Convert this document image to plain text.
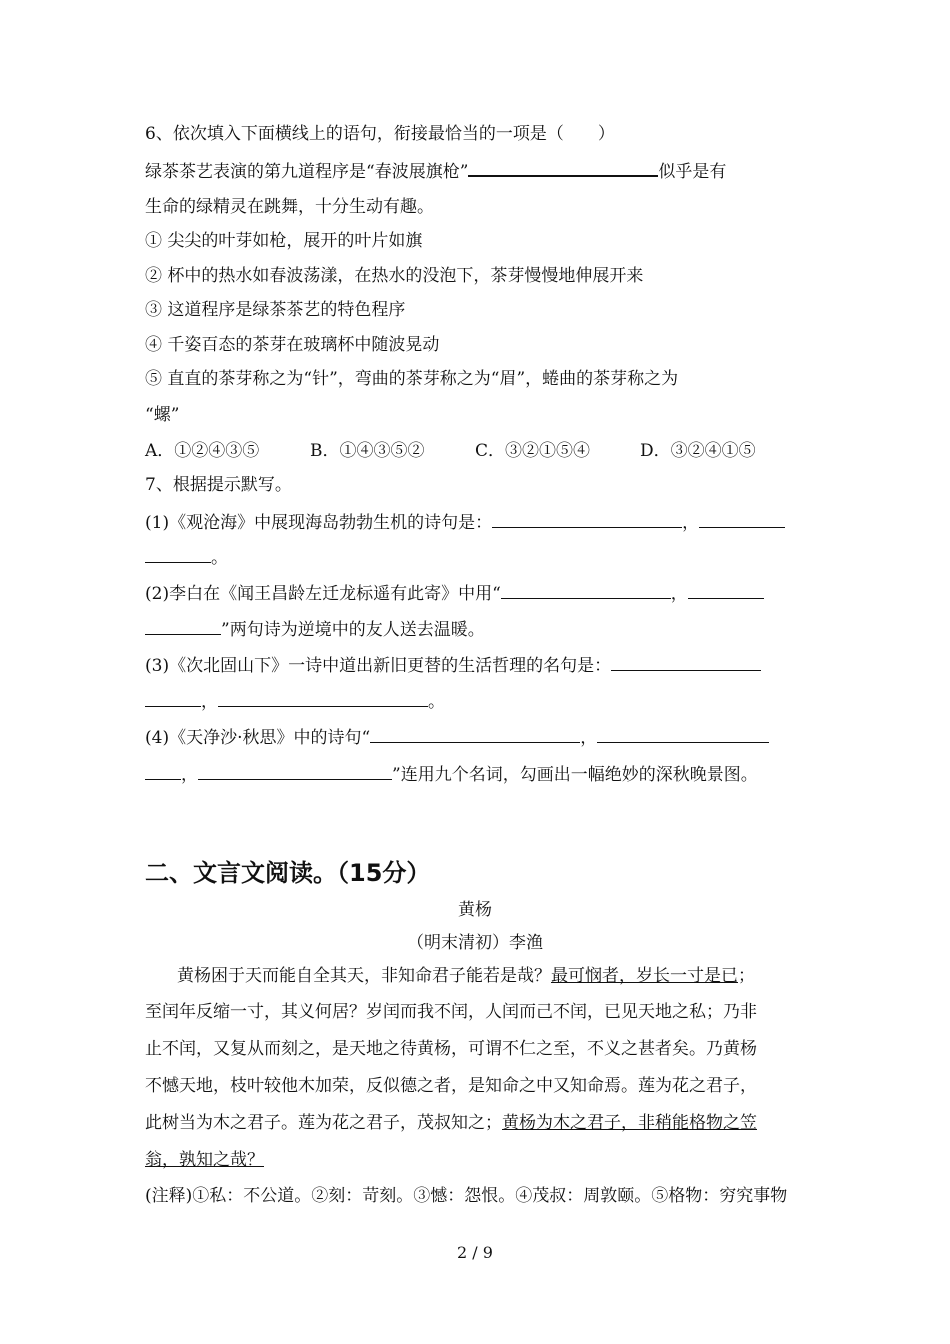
6、依次填入下面横线上的语句，衔接最恰当的一项是（　　）
绿茶茶艺表演的第九道程序是“春波展旗枪”	似乎是有
生命的绿精灵在跳舞，十分生动有趣。
① 尖尖的叶芽如枪，展开的叶片如旗
② 杯中的热水如春波荡漾，在热水的没泡下，茶芽慢慢地伸展开来
③ 这道程序是绿茶茶艺的特色程序
④ 千姿百态的茶芽在玻璃杯中随波晃动
⑤ 直直的茶芽称之为“针”，弯曲的茶芽称之为“眉”，蜷曲的茶芽称之为
“螺”
A．①②④③⑤	B．①④③⑤②	C．③②①⑤④	D．③②④①⑤
7、根据提示默写。
(1)《观沧海》中展现海岛勃勃生机的诗句是：	，
。
(2)李白在《闻王昌龄左迁龙标遥有此寄》中用“	，
”两句诗为逆境中的友人送去温暖。
(3)《次北固山下》一诗中道出新旧更替的生活哲理的名句是：
，	。
(4)《天净沙·秋思》中的诗句“	，
，	”连用九个名词，勾画出一幅绝妙的深秋晚景图。
二、文言文阅读。（15分）
黄杨
（明末清初）李渔
黄杨困于天而能自全其天，非知命君子能若是哉？最可悯者，岁长一寸是已；
至闰年反缩一寸，其义何居？岁闰而我不闰，人闰而己不闰，已见天地之私；乃非
止不闰，又复从而刻之，是天地之待黄杨，可谓不仁之至，不义之甚者矣。乃黄杨
不憾天地，枝叶较他木加荣，反似德之者，是知命之中又知命焉。莲为花之君子，
此树当为木之君子。莲为花之君子，茂叔知之；黄杨为木之君子，非稍能格物之笠
翁，孰知之哉？
(注释)①私：不公道。②刻：苛刻。③憾：怨恨。④茂叔：周敦颐。⑤格物：穷究事物
2 / 9
